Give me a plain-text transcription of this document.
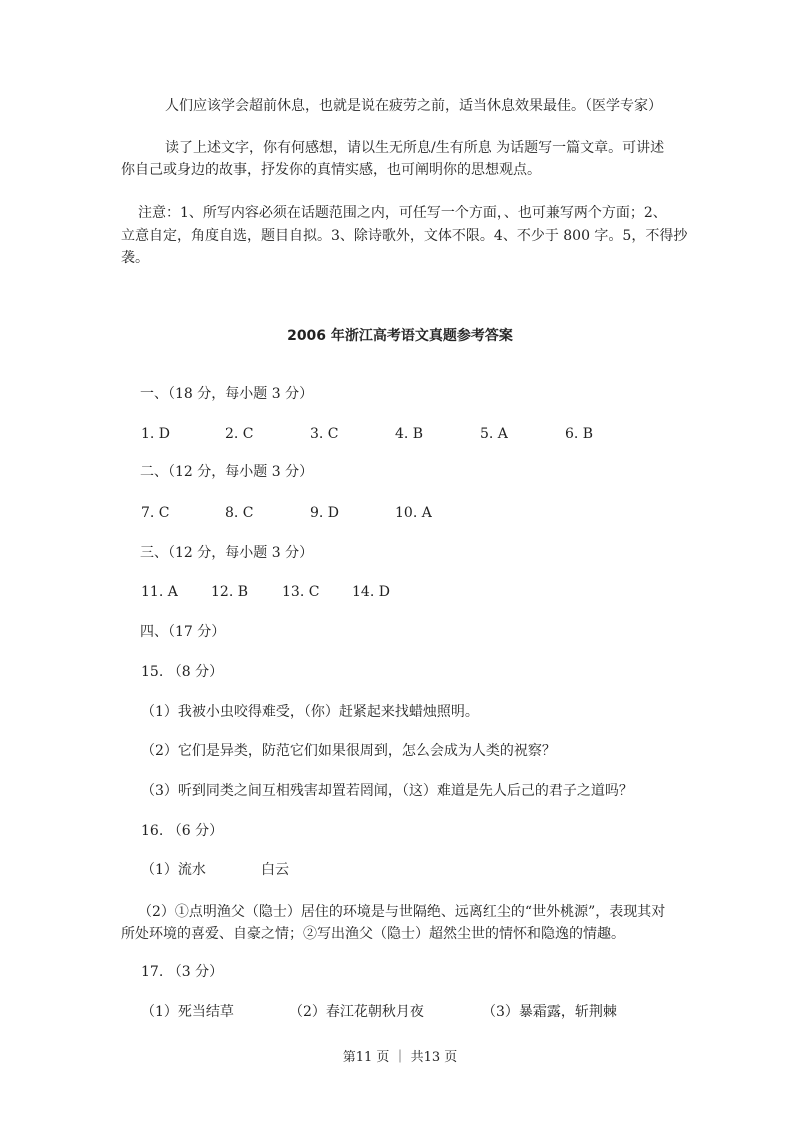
人们应该学会超前休息，也就是说在疲劳之前，适当休息效果最佳。（医学专家）
读了上述文字，你有何感想，请以生无所息/生有所息 为话题写一篇文章。可讲述
你自己或身边的故事，抒发你的真情实感，也可阐明你的思想观点。
注意：1、所写内容必须在话题范围之内，可任写一个方面，、也可兼写两个方面；2、
立意自定，角度自选，题目自拟。3、除诗歌外，文体不限。4、不少于 800 字。5，不得抄
袭。
2006 年浙江高考语文真题参考答案
一、（18 分，每小题 3 分）
1. D	2. C	3. C	4. B	5. A	6. B
二、（12 分，每小题 3 分）
7. C	8. C	9. D	10. A
三、（12 分，每小题 3 分）
11. A 12. B 13. C 14. D
四、（17 分）
15. （8 分）
（1）我被小虫咬得难受，（你）赶紧起来找蜡烛照明。
（2）它们是异类，防范它们如果很周到，怎么会成为人类的祝察？
（3）听到同类之间互相残害却置若罔闻，（这）难道是先人后己的君子之道吗？
16. （6 分）
（1）流水	白云
（2）①点明渔父（隐士）居住的环境是与世隔绝、远离红尘的“世外桃源”，表现其对
所处环境的喜爱、自豪之情；②写出渔父（隐士）超然尘世的情怀和隐逸的情趣。
17. （3 分）
（1）死当结草	（2）春江花朝秋月夜	（3）暴霜露，斩荆棘
第11 页 ｜ 共13 页
